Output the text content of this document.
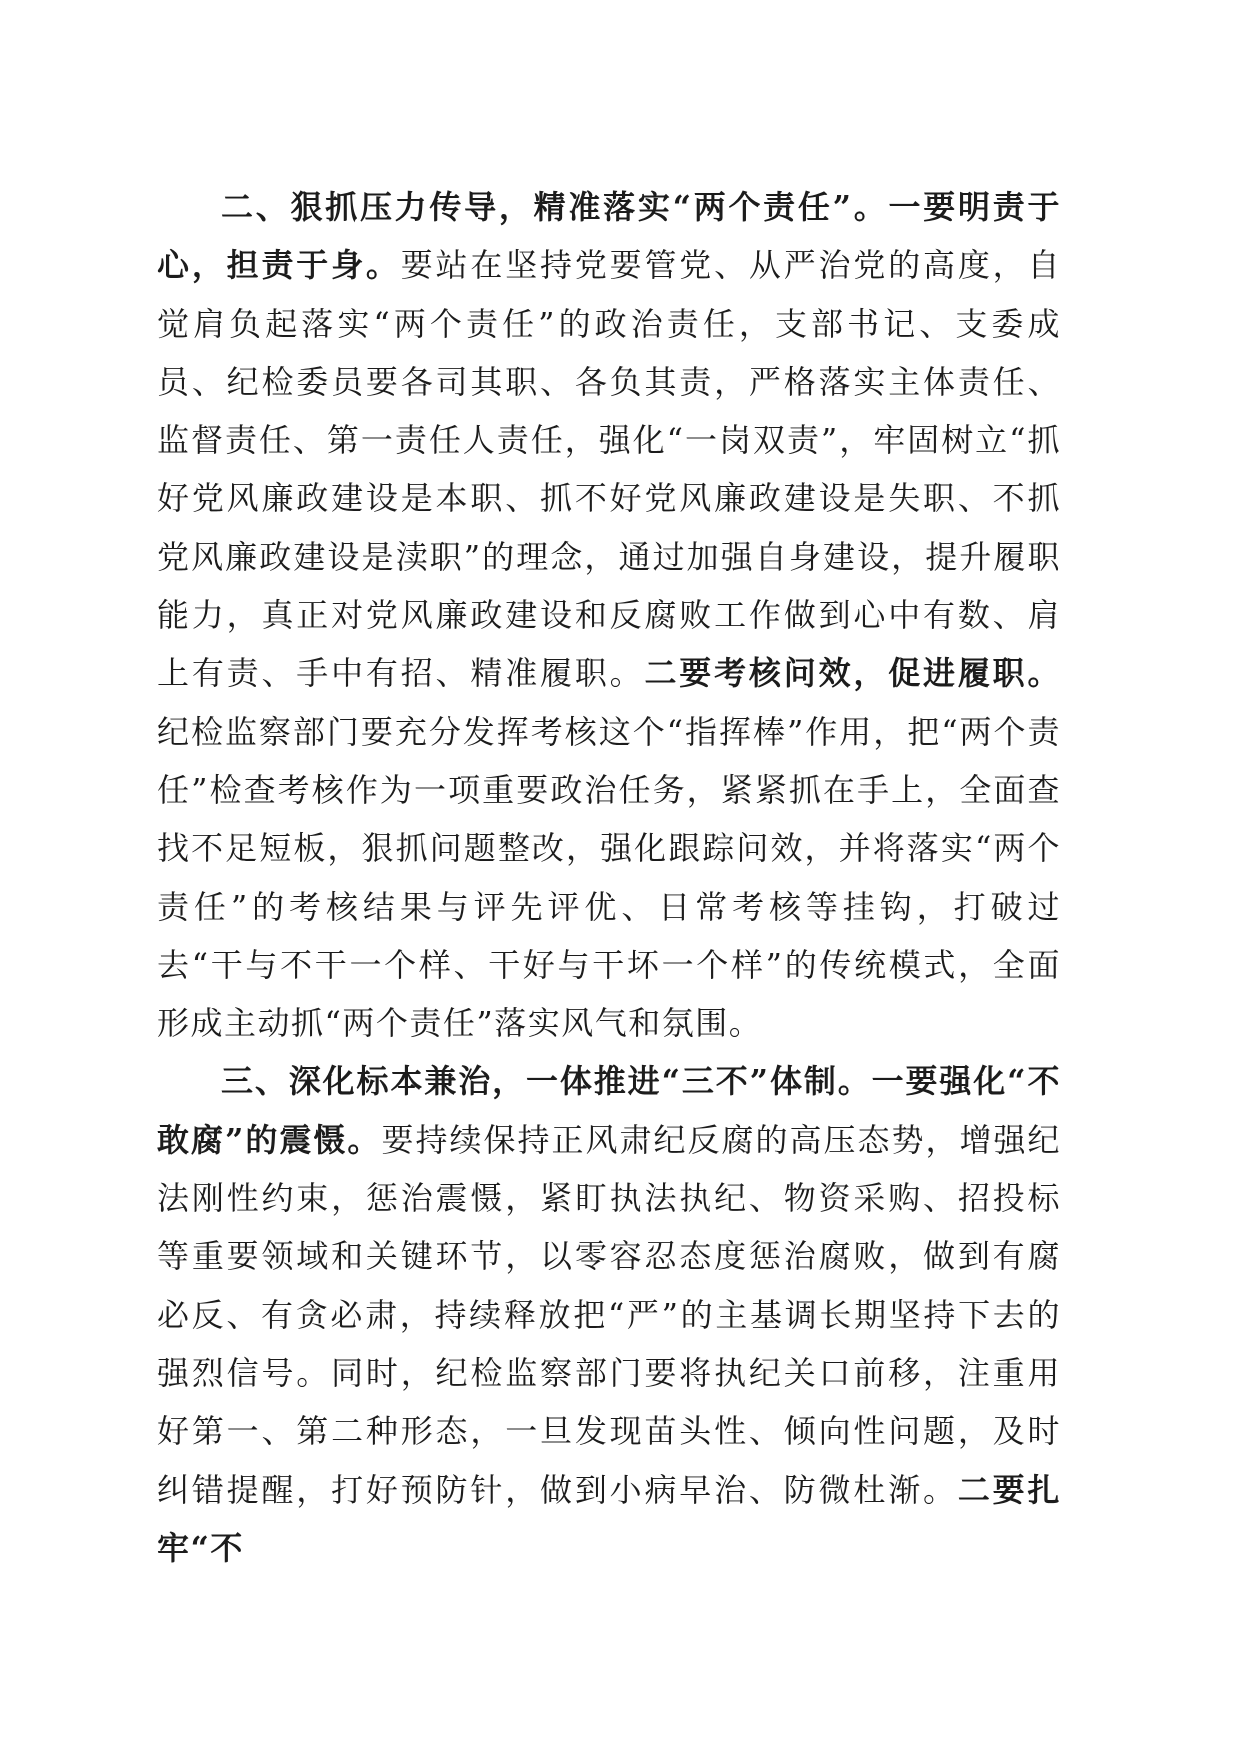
二、狠抓压力传导，精准落实“两个责任”。一要明责于心，担责于身。要站在坚持党要管党、从严治党的高度，自觉肩负起落实“两个责任”的政治责任，支部书记、支委成员、纪检委员要各司其职、各负其责，严格落实主体责任、监督责任、第一责任人责任，强化“一岗双责”，牢固树立“抓好党风廉政建设是本职、抓不好党风廉政建设是失职、不抓党风廉政建设是渎职”的理念，通过加强自身建设，提升履职能力，真正对党风廉政建设和反腐败工作做到心中有数、肩上有责、手中有招、精准履职。二要考核问效，促进履职。纪检监察部门要充分发挥考核这个“指挥棒”作用，把“两个责任”检查考核作为一项重要政治任务，紧紧抓在手上，全面查找不足短板，狠抓问题整改，强化跟踪问效，并将落实“两个责任”的考核结果与评先评优、日常考核等挂钩，打破过去“干与不干一个样、干好与干坏一个样”的传统模式，全面形成主动抓“两个责任”落实风气和氛围。

三、深化标本兼治，一体推进“三不”体制。一要强化“不敢腐”的震慑。要持续保持正风肃纪反腐的高压态势，增强纪法刚性约束，惩治震慑，紧盯执法执纪、物资采购、招投标等重要领域和关键环节，以零容忍态度惩治腐败，做到有腐必反、有贪必肃，持续释放把“严”的主基调长期坚持下去的强烈信号。同时，纪检监察部门要将执纪关口前移，注重用好第一、第二种形态，一旦发现苗头性、倾向性问题，及时纠错提醒，打好预防针，做到小病早治、防微杜渐。二要扎牢“不
